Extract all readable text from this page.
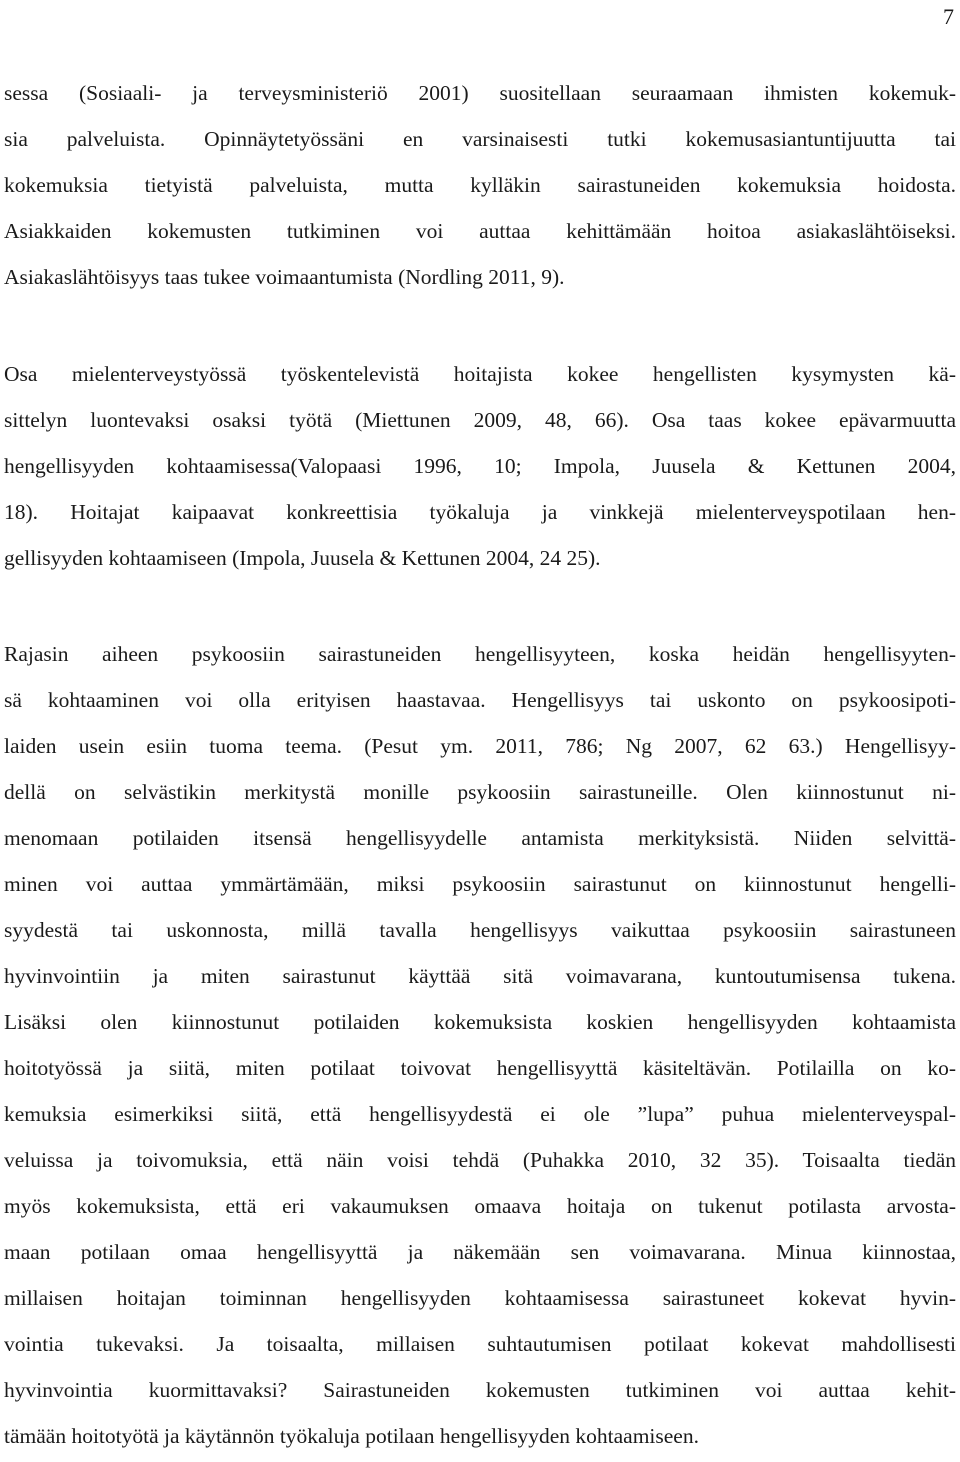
7
sessa (Sosiaali- ja terveysministeriö 2001) suositellaan seuraamaan ihmisten kokemuk-
sia palveluista. Opinnäytetyössäni en varsinaisesti tutki kokemusasiantuntijuutta tai
kokemuksia tietyistä palveluista, mutta kylläkin sairastuneiden kokemuksia hoidosta.
Asiakkaiden kokemusten tutkiminen voi auttaa kehittämään hoitoa asiakaslähtöiseksi.
Asiakaslähtöisyys taas tukee voimaantumista (Nordling 2011, 9).
Osa mielenterveystyössä työskentelevistä hoitajista kokee hengellisten kysymysten kä-
sittelyn luontevaksi osaksi työtä (Miettunen 2009, 48, 66). Osa taas kokee epävarmuutta
hengellisyyden kohtaamisessa(Valopaasi 1996, 10; Impola, Juusela & Kettunen 2004,
18). Hoitajat kaipaavat konkreettisia työkaluja ja vinkkejä mielenterveyspotilaan hen-
gellisyyden kohtaamiseen (Impola, Juusela & Kettunen 2004, 24 25).
Rajasin aiheen psykoosiin sairastuneiden hengellisyyteen, koska heidän hengellisyyten-
sä kohtaaminen voi olla erityisen haastavaa. Hengellisyys tai uskonto on psykoosipoti-
laiden usein esiin tuoma teema. (Pesut ym. 2011, 786; Ng 2007, 62 63.) Hengellisyy-
dellä on selvästikin merkitystä monille psykoosiin sairastuneille. Olen kiinnostunut ni-
menomaan potilaiden itsensä hengellisyydelle antamista merkityksistä. Niiden selvittä-
minen voi auttaa ymmärtämään, miksi psykoosiin sairastunut on kiinnostunut hengelli-
syydestä tai uskonnosta, millä tavalla hengellisyys vaikuttaa psykoosiin sairastuneen
hyvinvointiin ja miten sairastunut käyttää sitä voimavarana, kuntoutumisensa tukena.
Lisäksi olen kiinnostunut potilaiden kokemuksista koskien hengellisyyden kohtaamista
hoitotyössä ja siitä, miten potilaat toivovat hengellisyyttä käsiteltävän. Potilailla on ko-
kemuksia esimerkiksi siitä, että hengellisyydestä ei ole ”lupa” puhua mielenterveyspal-
veluissa ja toivomuksia, että näin voisi tehdä (Puhakka 2010, 32 35). Toisaalta tiedän
myös kokemuksista, että eri vakaumuksen omaava hoitaja on tukenut potilasta arvosta-
maan potilaan omaa hengellisyyttä ja näkemään sen voimavarana. Minua kiinnostaa,
millaisen hoitajan toiminnan hengellisyyden kohtaamisessa sairastuneet kokevat hyvin-
vointia tukevaksi. Ja toisaalta, millaisen suhtautumisen potilaat kokevat mahdollisesti
hyvinvointia kuormittavaksi? Sairastuneiden kokemusten tutkiminen voi auttaa kehit-
tämään hoitotyötä ja käytännön työkaluja potilaan hengellisyyden kohtaamiseen.
